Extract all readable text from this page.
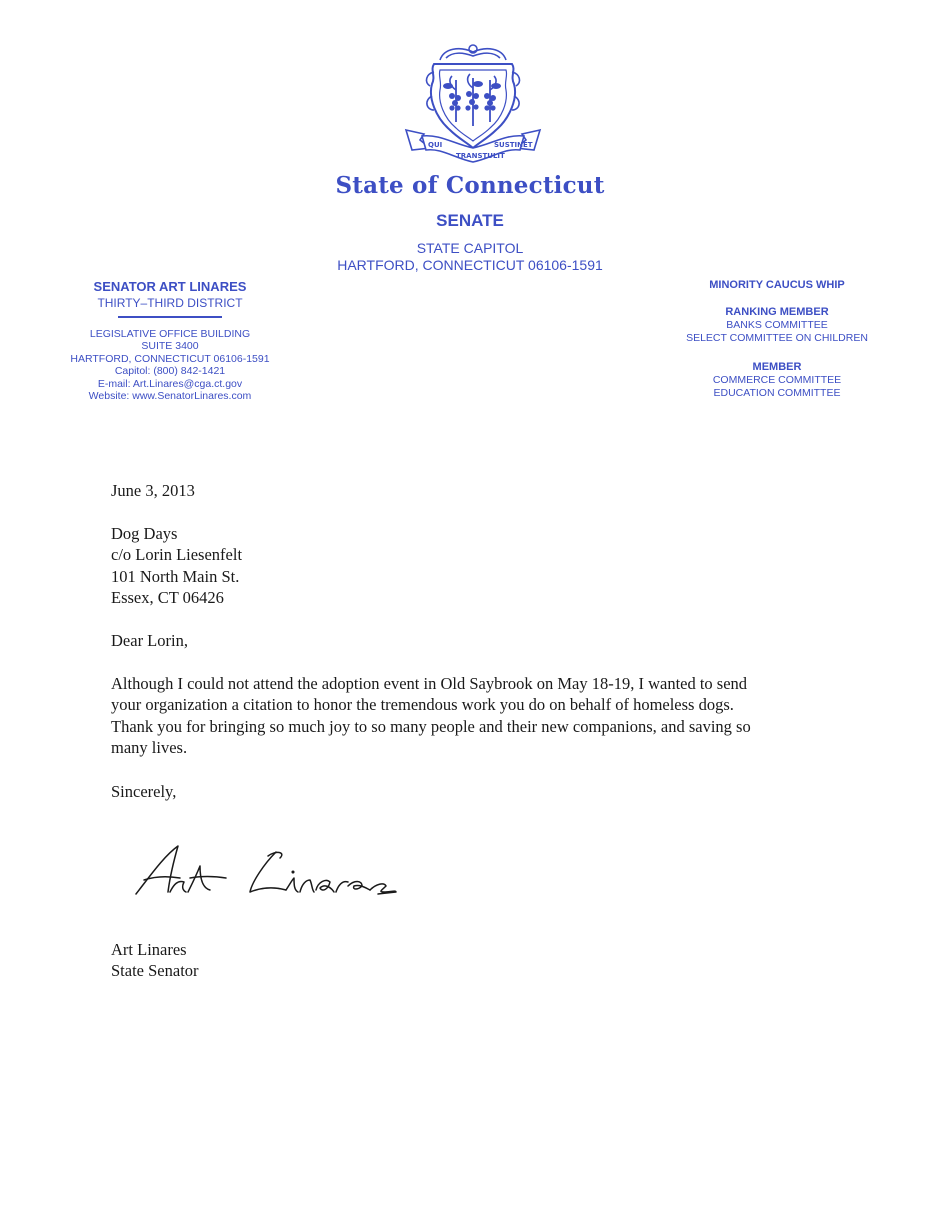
QUI
TRANSTULIT
SUSTINET
State of Connecticut
SENATE
STATE CAPITOL
HARTFORD, CONNECTICUT 06106-1591
SENATOR ART LINARES
THIRTY–THIRD DISTRICT
LEGISLATIVE OFFICE BUILDING
SUITE 3400
HARTFORD, CONNECTICUT 06106-1591
Capitol: (800) 842-1421
E-mail: Art.Linares@cga.ct.gov
Website: www.SenatorLinares.com
MINORITY CAUCUS WHIP
RANKING MEMBER
BANKS COMMITTEE
SELECT COMMITTEE ON CHILDREN
MEMBER
COMMERCE COMMITTEE
EDUCATION COMMITTEE
June 3, 2013
Dog Days
c/o Lorin Liesenfelt
101 North Main St.
Essex, CT 06426
Dear Lorin,
Although I could not attend the adoption event in Old Saybrook on May 18-19, I wanted to send
your organization a citation to honor the tremendous work you do on behalf of homeless dogs.
Thank you for bringing so much joy to so many people and their new companions, and saving so
many lives.
Sincerely,
Art Linares
State Senator
